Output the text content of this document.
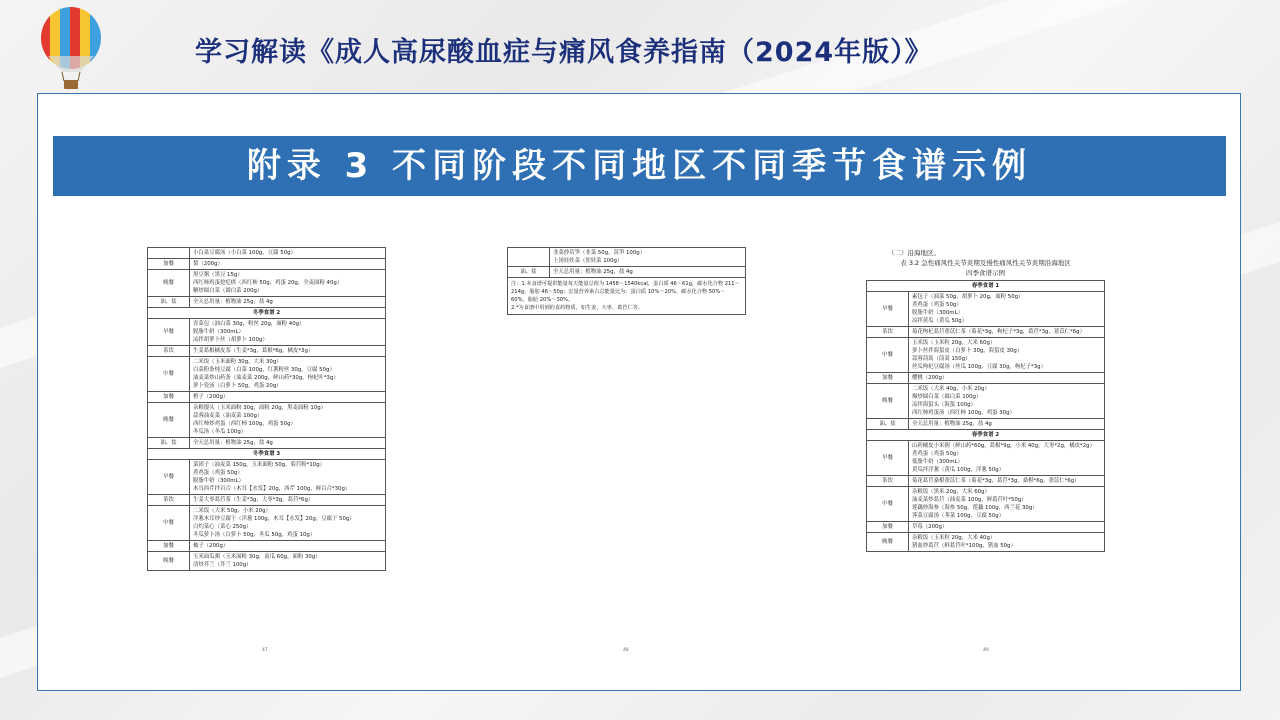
学习解读《成人高尿酸血症与痛风食养指南（2024年版）》
附录 3 不同阶段不同地区不同季节食谱示例
	小白菜豆腐汤（小白菜 100g，豆腐 50g）
加餐	梨（200g）
晚餐	黑豆粥（黑豆 15g）
西红柿鸡蛋挖疙瘩（西红柿 50g，鸡蛋 20g，全麦面粉 40g）
糖炒圆白菜（圆白菜 200g）
油、盐	全天总用量：植物油 25g，盐 4g
冬季食谱 2	
早餐	青菜包（油白菜 30g，粉丝 20g，面粉 40g）
脱脂牛奶（300mL）
凉拌胡萝卜丝（胡萝卜 100g）
茶饮	生姜葛根橘皮茶（生姜*3g，葛根*6g，橘皮*3g）
中餐	二米饭（玉米面粉 30g，大米 30g）
白菜粉条炖豆腐（白菜 100g，红薯粉丝 30g，豆腐 50g）
油麦菜炒山药条（油麦菜 200g，鲜山药*30g，枸杞叶*3g）
萝卜瓷汤（白萝卜 50g，鸡蛋 20g）
加餐	橙子（200g）
晚餐	杂粮馒头（玉米面粉 30g，面粉 20g，黑麦面粉 10g）
蒜蓉油麦菜（油麦菜 100g）
西红柿炒鸡蛋（西红柿 100g，鸡蛋 50g）
冬瓜汤（冬瓜 100g）
油、盐	全天总用量：植物油 25g，盐 4g
冬季食谱 3	
早餐	菜团子（油麦菜 150g，玉米面粉 50g，菊苣粉*10g）
煮鸡蛋（鸡蛋 50g）
脱脂牛奶（300mL）
木耳西芹拌百合（木耳【水发】20g，西芹 100g，鲜百合*30g）
茶饮	生姜大枣葛苣茶（生姜*3g，大枣*3g，葛苣*6g）
中餐	二米饭（大米 50g，小米 20g）
洋葱木耳炒豆腐干（洋葱 100g，木耳【水发】20g，豆腐干 50g）
白灼菜心（菜心 250g）
冬瓜萝卜汤（白萝卜 50g，冬瓜 50g，鸡蛋 10g）
加餐	柚子（200g）
晚餐	玉米面瓜粥（玉米面粉 30g，南瓜 60g，面粉 30g）
清炒芥兰（芥兰 100g）
47
	韭菜炒莴笋（韭菜 50g，莴笋 100g）
上汤娃娃菜（娃娃菜 100g）
油、盐	全天总用量：植物油 25g，盐 4g
注：1.本食谱可提供能量每天能量总值为 1458～1540kcal，蛋白质 46～61g，碳水化合物 211～214g，脂肪 46～50g；宏量营养素占总能量比为：蛋白质 10%～20%，碳水化合物 50%～60%，脂肪 20%～30%。
2.*为食谱中用到的食药物质，如生姜、大枣、葛苣仁等。
48
（二）沿海地区。
表 3.2 急性痛风性关节炎期及慢性痛风性关节炎期沿海地区
四季食谱示例
春季食谱 1	
早餐	素包子（油菜 50g，胡萝卜 20g，面粉 50g）
煮鸡蛋（鸡蛋 50g）
脱脂牛奶（300mL）
凉拌黄瓜（黄瓜 50g）
茶饮	菊花枸杞葛苣薏苡仁茶（菊花*3g，枸杞子*3g，葛苣*3g，薏苡仁*6g）
中餐	玉米饭（玉米粒 20g，大米 60g）
萝卜丝拌海蜇皮（白萝卜 30g，海蜇皮 30g）
蒜蓉茼蒿（茼蒿 150g）
丝瓜枸杞豆腐汤（丝瓜 100g，豆腐 30g，枸杞子*3g）
加餐	樱桃（200g）
晚餐	二米饭（大米 40g，小米 20g）
爆炒圆白菜（圆白菜 100g）
凉拌海蜇头（海蜇 100g）
西红柿鸡蛋汤（西红柿 100g，鸡蛋 30g）
油、盐	全天总用量：植物油 25g，盐 4g
春季食谱 2	
早餐	山药橘皮小米粥（鲜山药*60g，葛根*9g，小米 40g，大枣*2g，橘皮*2g）
煮鸡蛋（鸡蛋 50g）
低脂牛奶（300mL）
黄瓜拌洋葱（黄瓜 100g，洋葱 50g）
茶饮	菊花葛苣桑椹薏苡仁茶（菊花*3g，葛苣*3g，桑椹*6g，薏苡仁*6g）
中餐	杂粮饭（黑米 20g，大米 60g）
油麦菜炒葛苣（油麦菜 100g，鲜葛苣叶*50g）
莲藕炒海参（海参 50g，莲藕 100g，西兰花 30g）
荠菜豆腐汤（荠菜 100g，豆腐 50g）
加餐	草莓（200g）
晚餐	杂粮饭（玉米粒 20g，大米 40g）
猪血炒葛苣（鲜葛苣叶*100g，猪血 50g）
49
